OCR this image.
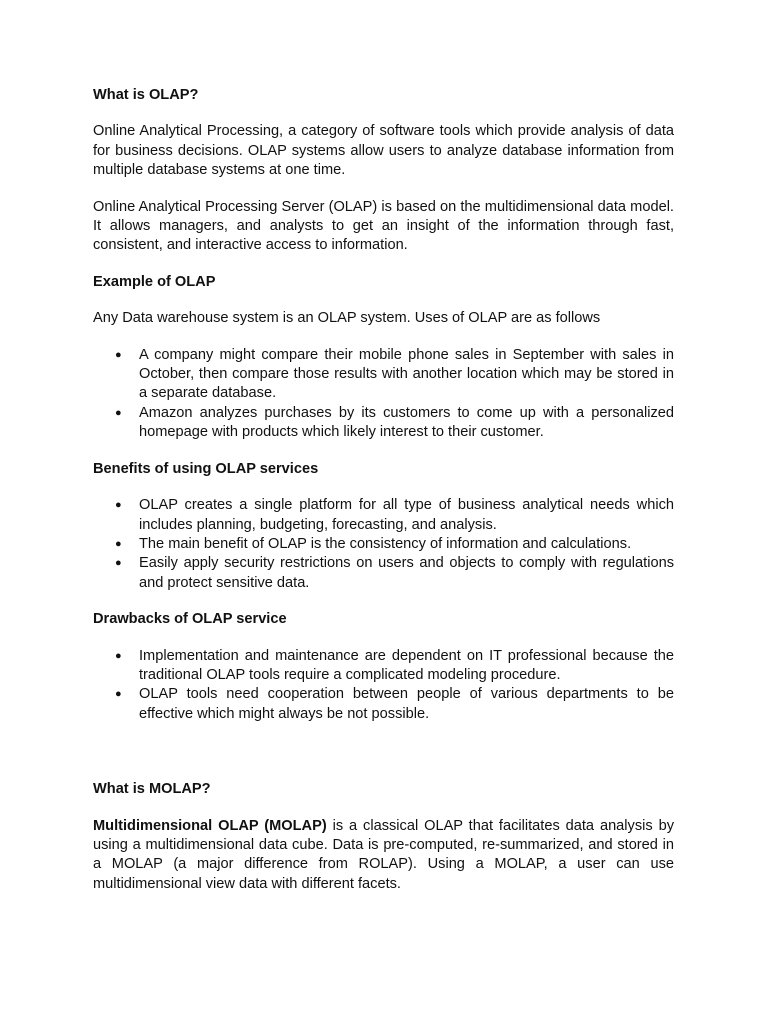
What is OLAP?

Online Analytical Processing, a category of software tools which provide analysis of data for business decisions. OLAP systems allow users to analyze database information from multiple database systems at one time.

Online Analytical Processing Server (OLAP) is based on the multidimensional data model. It allows managers, and analysts to get an insight of the information through fast, consistent, and interactive access to information.

Example of OLAP

Any Data warehouse system is an OLAP system. Uses of OLAP are as follows

● A company might compare their mobile phone sales in September with sales in October, then compare those results with another location which may be stored in a separate database.
● Amazon analyzes purchases by its customers to come up with a personalized homepage with products which likely interest to their customer.
Benefits of using OLAP services
● OLAP creates a single platform for all type of business analytical needs which includes planning, budgeting, forecasting, and analysis.
● The main benefit of OLAP is the consistency of information and calculations.
● Easily apply security restrictions on users and objects to comply with regulations and protect sensitive data.
Drawbacks of OLAP service
● Implementation and maintenance are dependent on IT professional because the traditional OLAP tools require a complicated modeling procedure.
● OLAP tools need cooperation between people of various departments to be effective which might always be not possible.
What is MOLAP?

Multidimensional OLAP (MOLAP) is a classical OLAP that facilitates data analysis by using a multidimensional data cube. Data is pre-computed, re-summarized, and stored in a MOLAP (a major difference from ROLAP). Using a MOLAP, a user can use multidimensional view data with different facets.
